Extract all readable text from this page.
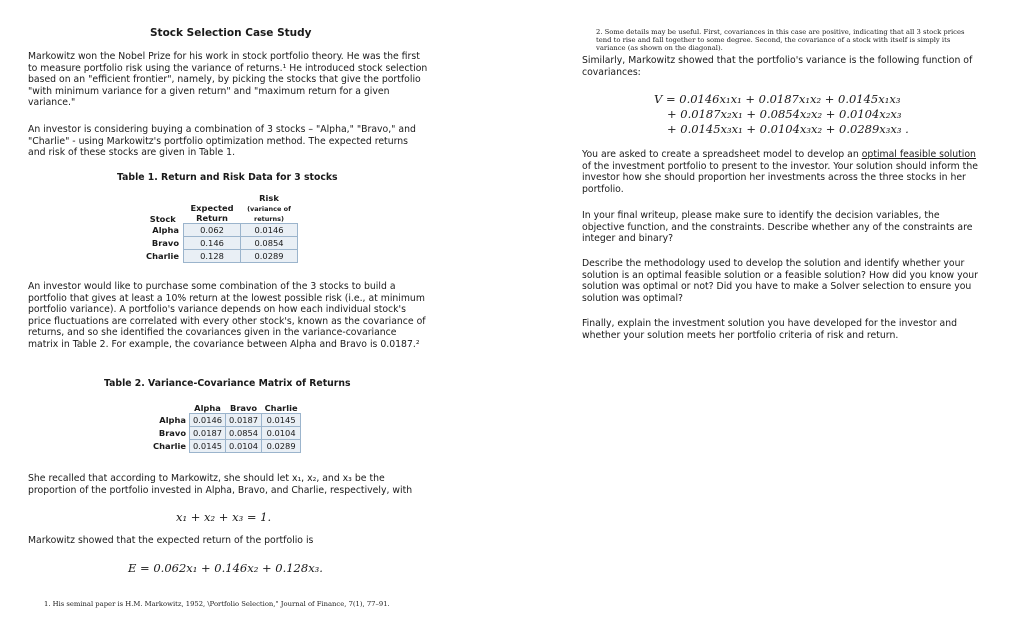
Stock Selection Case Study
Markowitz won the Nobel Prize for his work in stock portfolio theory. He was the first to measure portfolio risk using the variance of returns.¹ He introduced stock selection based on an "efficient frontier", namely, by picking the stocks that give the portfolio "with minimum variance for a given return" and "maximum return for a given variance."
An investor is considering buying a combination of 3 stocks – "Alpha," "Bravo," and "Charlie" - using Markowitz's portfolio optimization method. The expected returns and risk of these stocks are given in Table 1.
Table 1. Return and Risk Data for 3 stocks
Stock	Expected Return	Risk
(variance of returns)
Alpha	0.062	0.0146
Bravo	0.146	0.0854
Charlie	0.128	0.0289
An investor would like to purchase some combination of the 3 stocks to build a portfolio that gives at least a 10% return at the lowest possible risk (i.e., at minimum portfolio variance). A portfolio's variance depends on how each individual stock's price fluctuations are correlated with every other stock's, known as the covariance of returns, and so she identified the covariances given in the variance-covariance matrix in Table 2. For example, the covariance between Alpha and Bravo is 0.0187.²
Table 2. Variance-Covariance Matrix of Returns
	Alpha	Bravo	Charlie
Alpha	0.0146	0.0187	0.0145
Bravo	0.0187	0.0854	0.0104
Charlie	0.0145	0.0104	0.0289
She recalled that according to Markowitz, she should let x₁, x₂, and x₃ be the proportion of the portfolio invested in Alpha, Bravo, and Charlie, respectively, with
x₁ + x₂ + x₃ = 1.
Markowitz showed that the expected return of the portfolio is
E = 0.062x₁ + 0.146x₂ + 0.128x₃.
1. His seminal paper is H.M. Markowitz, 1952, \Portfolio Selection," Journal of Finance, 7(1), 77–91.
2. Some details may be useful. First, covariances in this case are positive, indicating that all 3 stock prices tend to rise and fall together to some degree. Second, the covariance of a stock with itself is simply its variance (as shown on the diagonal).
Similarly, Markowitz showed that the portfolio's variance is the following function of covariances:
V = 0.0146x₁x₁ + 0.0187x₁x₂ + 0.0145x₁x₃
+ 0.0187x₂x₁ + 0.0854x₂x₂ + 0.0104x₂x₃
+ 0.0145x₃x₁ + 0.0104x₃x₂ + 0.0289x₃x₃ .
You are asked to create a spreadsheet model to develop an optimal feasible solution of the investment portfolio to present to the investor. Your solution should inform the investor how she should proportion her investments across the three stocks in her portfolio.
In your final writeup, please make sure to identify the decision variables, the objective function, and the constraints. Describe whether any of the constraints are integer and binary?
Describe the methodology used to develop the solution and identify whether your solution is an optimal feasible solution or a feasible solution? How did you know your solution was optimal or not? Did you have to make a Solver selection to ensure you solution was optimal?
Finally, explain the investment solution you have developed for the investor and whether your solution meets her portfolio criteria of risk and return.
